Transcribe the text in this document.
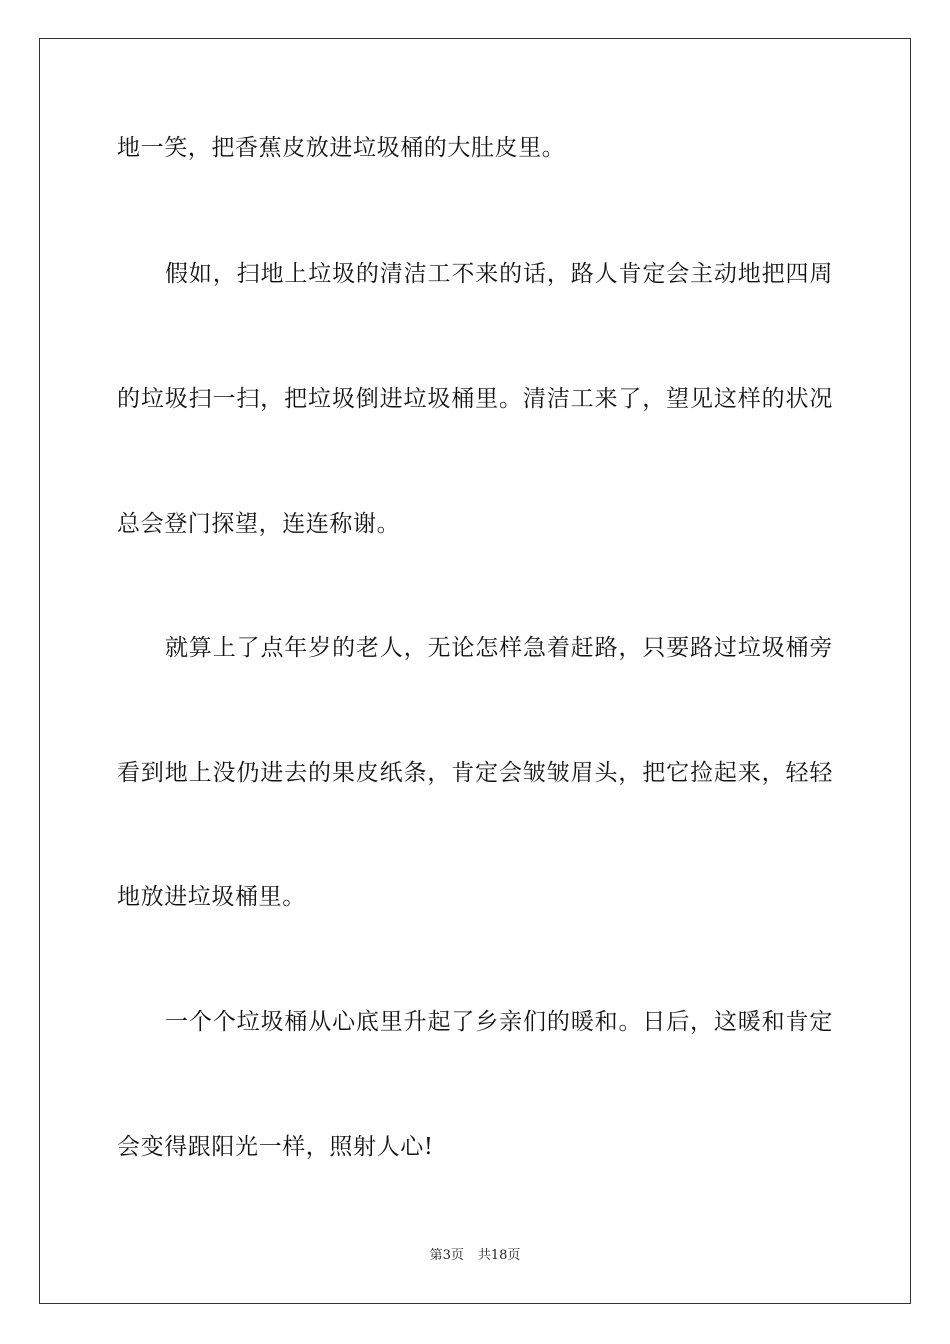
地一笑，把香蕉皮放进垃圾桶的大肚皮里。
假如，扫地上垃圾的清洁工不来的话，路人肯定会主动地把四周
的垃圾扫一扫，把垃圾倒进垃圾桶里。清洁工来了，望见这样的状况
总会登门探望，连连称谢。
就算上了点年岁的老人，无论怎样急着赶路，只要路过垃圾桶旁
看到地上没仍进去的果皮纸条，肯定会皱皱眉头，把它捡起来，轻轻
地放进垃圾桶里。
一个个垃圾桶从心底里升起了乡亲们的暖和。日后，这暖和肯定
会变得跟阳光一样，照射人心!
第3页 共18页
